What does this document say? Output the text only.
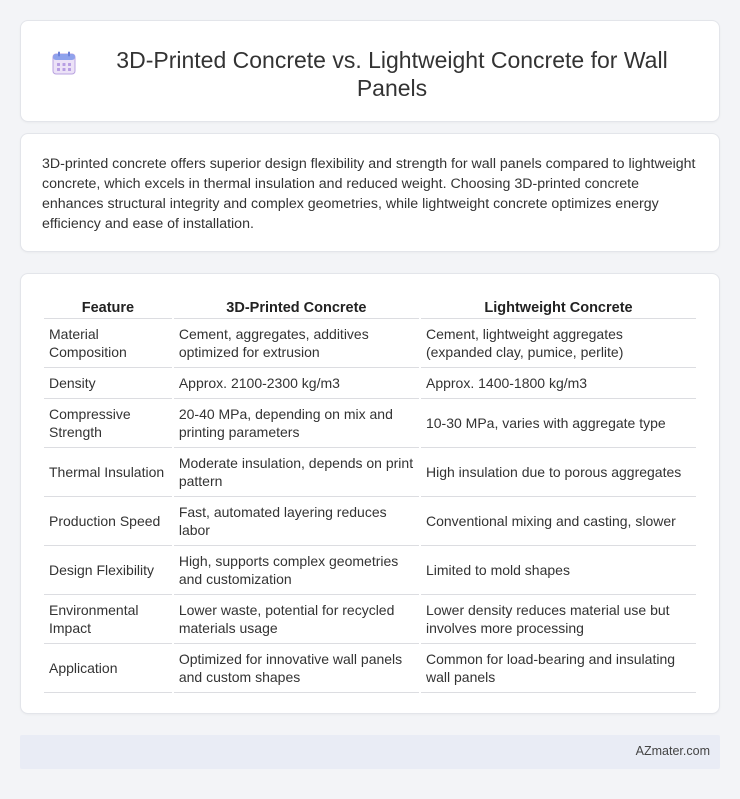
3D-Printed Concrete vs. Lightweight Concrete for Wall Panels

3D-printed concrete offers superior design flexibility and strength for wall panels compared to lightweight concrete, which excels in thermal insulation and reduced weight. Choosing 3D-printed concrete enhances structural integrity and complex geometries, while lightweight concrete optimizes energy efficiency and ease of installation.

Feature	3D-Printed Concrete	Lightweight Concrete
Material Composition	Cement, aggregates, additives optimized for extrusion	Cement, lightweight aggregates (expanded clay, pumice, perlite)
Density	Approx. 2100-2300 kg/m3	Approx. 1400-1800 kg/m3
Compressive Strength	20-40 MPa, depending on mix and printing parameters	10-30 MPa, varies with aggregate type
Thermal Insulation	Moderate insulation, depends on print pattern	High insulation due to porous aggregates
Production Speed	Fast, automated layering reduces labor	Conventional mixing and casting, slower
Design Flexibility	High, supports complex geometries and customization	Limited to mold shapes
Environmental Impact	Lower waste, potential for recycled materials usage	Lower density reduces material use but involves more processing
Application	Optimized for innovative wall panels and custom shapes	Common for load-bearing and insulating wall panels
AZmater.com
